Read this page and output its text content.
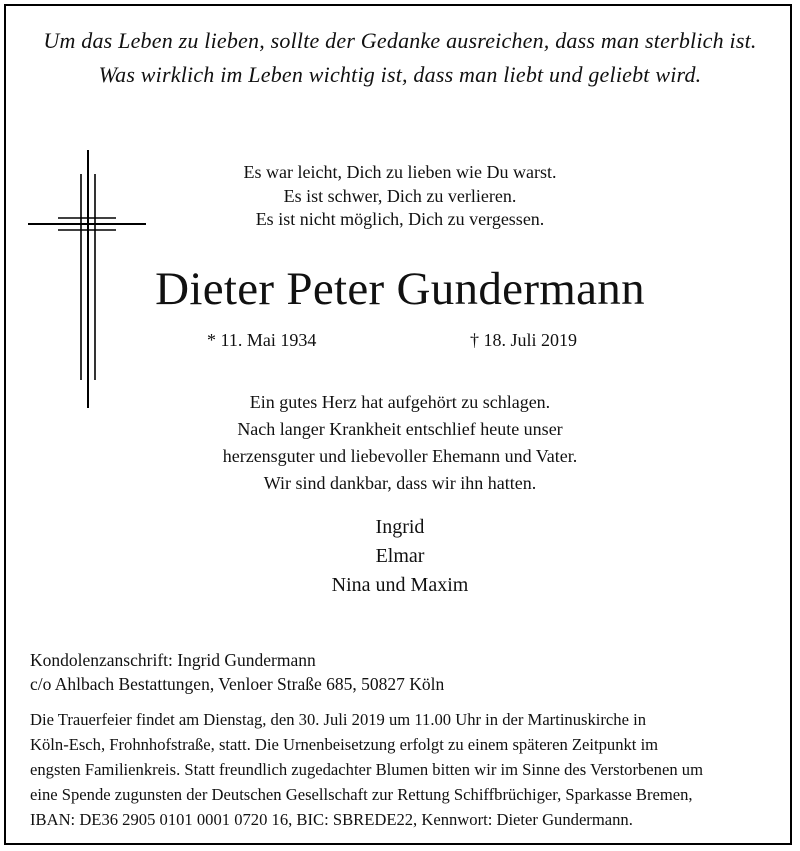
Um das Leben zu lieben, sollte der Gedanke ausreichen, dass man sterblich ist.
Was wirklich im Leben wichtig ist, dass man liebt und geliebt wird.
Es war leicht, Dich zu lieben wie Du warst.
Es ist schwer, Dich zu verlieren.
Es ist nicht möglich, Dich zu vergessen.
Dieter Peter Gundermann
* 11. Mai 1934	† 18. Juli 2019
Ein gutes Herz hat aufgehört zu schlagen.
Nach langer Krankheit entschlief heute unser
herzensguter und liebevoller Ehemann und Vater.
Wir sind dankbar, dass wir ihn hatten.
Ingrid
Elmar
Nina und Maxim
Kondolenzanschrift: Ingrid Gundermann
c/o Ahlbach Bestattungen, Venloer Straße 685, 50827 Köln
Die Trauerfeier findet am Dienstag, den 30. Juli 2019 um 11.00 Uhr in der Martinuskirche in
Köln-Esch, Frohnhofstraße, statt. Die Urnenbeisetzung erfolgt zu einem späteren Zeitpunkt im
engsten Familienkreis. Statt freundlich zugedachter Blumen bitten wir im Sinne des Verstorbenen um
eine Spende zugunsten der Deutschen Gesellschaft zur Rettung Schiffbrüchiger, Sparkasse Bremen,
IBAN: DE36 2905 0101 0001 0720 16, BIC: SBREDE22, Kennwort: Dieter Gundermann.
